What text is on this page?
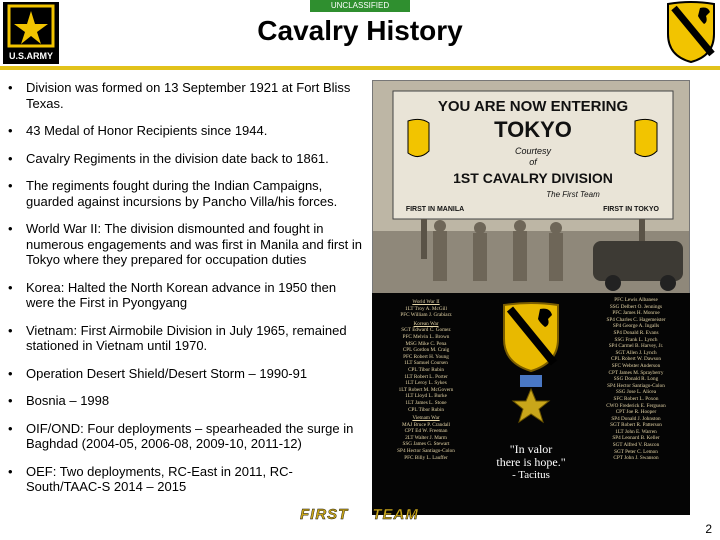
UNCLASSIFIED
U.S.ARMY
Cavalry History
• Division was formed on 13 September 1921 at Fort Bliss Texas.
• 43 Medal of Honor Recipients since 1944.
• Cavalry Regiments in the division date back to 1861.
• The regiments fought during the Indian Campaigns, guarded against incursions by Pancho Villa/his forces.
• World War II: The division dismounted and fought in numerous engagements and was first in Manila and first in Tokyo where they prepared for occupation duties
• Korea: Halted the North Korean advance in 1950 then were the First in Pyongyang
• Vietnam: First Airmobile Division in July 1965, remained stationed in Vietnam until 1970.
• Operation Desert Shield/Desert Storm – 1990-91
• Bosnia – 1998
• OIF/OND: Four deployments – spearheaded the surge in Baghdad (2004-05, 2006-08, 2009-10, 2011-12)
• OEF: Two deployments, RC-East in 2011, RC-South/TAAC-S 2014 – 2015
YOU ARE NOW ENTERING
TOKYO
Courtesy
of
1ST CAVALRY DIVISION
The First Team
FIRST IN MANILA	FIRST IN TOKYO
World War II
1LT Troy A. McGill
PFC William J. Grabiarz
Korean War
SGT Edward C. Gomez
PFC Melvin L. Brown
MSG Mike C. Pena
CPL Gordon M. Craig
PFC Robert H. Young
1LT Samuel Coursen
CPL Tibor Rubin
1LT Robert L. Porter
1LT Leroy L. Sykes
1LT Robert M. McGovern
1LT Lloyd L. Burke
1LT James L. Stone
CPL Tibor Rubin
Vietnam War
MAJ Bruce P. Crandall
CPT Ed W. Freeman
2LT Walter J. Marm
SSG James G. Stewart
SP4 Hector Santiago-Colon
PFC Billy L. Lauffer
"In valor
there is hope."
- Tacitus
PFC Lewis Albanese
SSG Delbert O. Jennings
PFC James H. Monroe
SP4 Charles C. Hagemeister
SP4 George A. Ingalls
SP4 Donald R. Evans
SSG Frank L. Lynch
SP4 Carmel B. Harvey, Jr.
SGT Allen J. Lynch
CPL Robert W. Dawson
SFC Webster Anderson
CPT James M. Sprayberry
SSG Donald R. Long
SP4 Hector Santiago-Colon
SSG Jose L. Alicea
SFC Robert L. Poxon
CWO Frederick E. Ferguson
CPT Joe R. Hooper
SP4 Donald J. Johnston
SGT Robert R. Patterson
1LT John E. Warren
SP4 Leonard B. Keller
SGT Alfred V. Rascon
SGT Peter C. Lemon
CPT John J. Swanson
FIRST TEAM
2
